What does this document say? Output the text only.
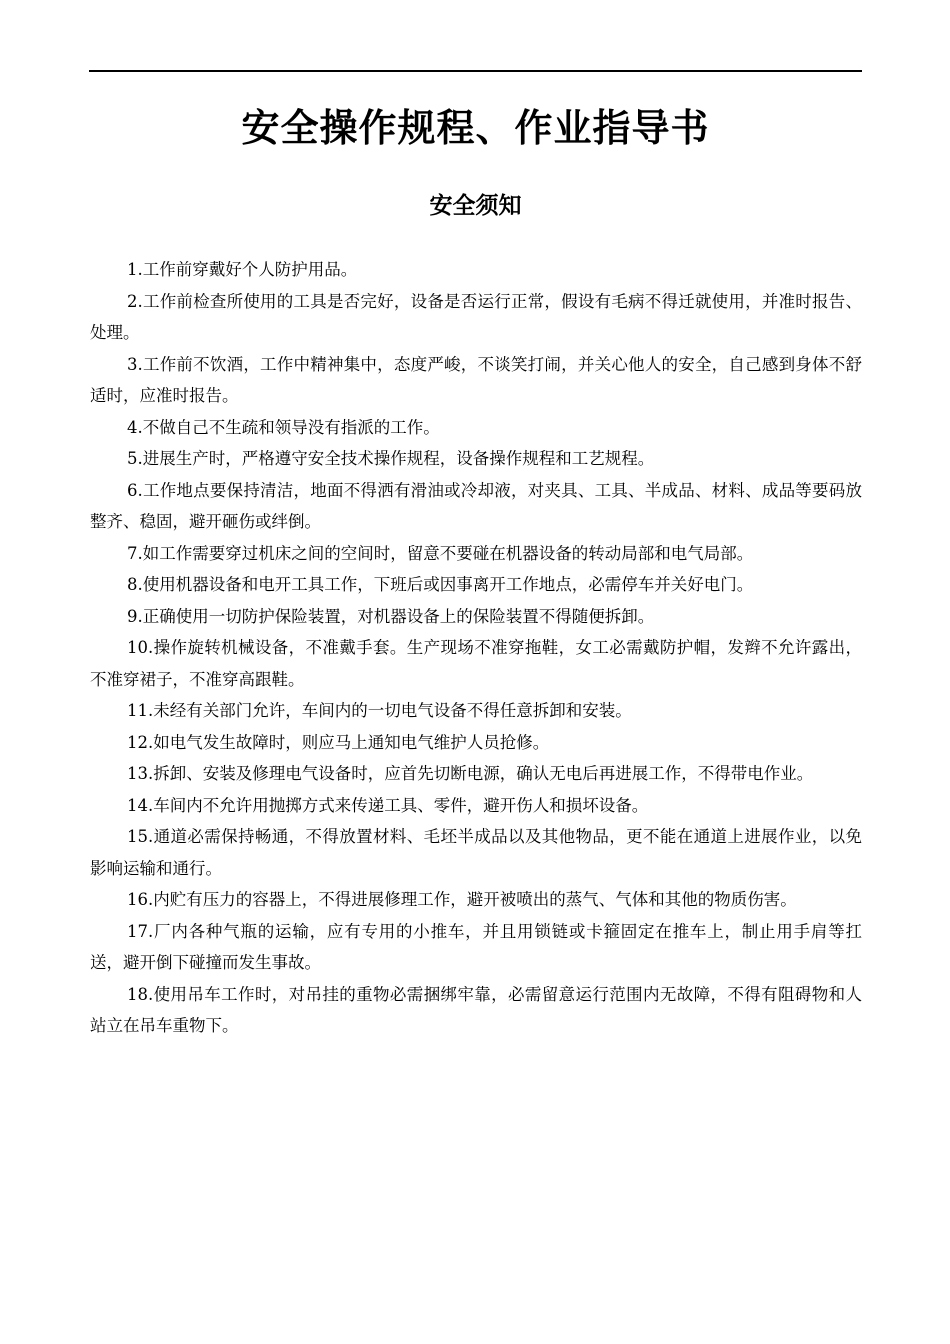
安全操作规程、作业指导书
安全须知
1.工作前穿戴好个人防护用品。
2.工作前检查所使用的工具是否完好，设备是否运行正常，假设有毛病不得迁就使用，并准时报告、处理。
3.工作前不饮酒，工作中精神集中，态度严峻，不谈笑打闹，并关心他人的安全，自己感到身体不舒适时，应准时报告。
4.不做自己不生疏和领导没有指派的工作。
5.进展生产时，严格遵守安全技术操作规程，设备操作规程和工艺规程。
6.工作地点要保持清洁，地面不得洒有滑油或冷却液，对夹具、工具、半成品、材料、成品等要码放整齐、稳固，避开砸伤或绊倒。
7.如工作需要穿过机床之间的空间时，留意不要碰在机器设备的转动局部和电气局部。
8.使用机器设备和电开工具工作，下班后或因事离开工作地点，必需停车并关好电门。
9.正确使用一切防护保险装置，对机器设备上的保险装置不得随便拆卸。
10.操作旋转机械设备，不准戴手套。生产现场不准穿拖鞋，女工必需戴防护帽，发辫不允许露出，不准穿裙子，不准穿高跟鞋。
11.未经有关部门允许，车间内的一切电气设备不得任意拆卸和安装。
12.如电气发生故障时，则应马上通知电气维护人员抢修。
13.拆卸、安装及修理电气设备时，应首先切断电源，确认无电后再进展工作，不得带电作业。
14.车间内不允许用抛掷方式来传递工具、零件，避开伤人和损坏设备。
15.通道必需保持畅通，不得放置材料、毛坯半成品以及其他物品，更不能在通道上进展作业，以免影响运输和通行。
16.内贮有压力的容器上，不得进展修理工作，避开被喷出的蒸气、气体和其他的物质伤害。
17.厂内各种气瓶的运输，应有专用的小推车，并且用锁链或卡箍固定在推车上，制止用手肩等扛送，避开倒下碰撞而发生事故。
18.使用吊车工作时，对吊挂的重物必需捆绑牢靠，必需留意运行范围内无故障，不得有阻碍物和人站立在吊车重物下。
